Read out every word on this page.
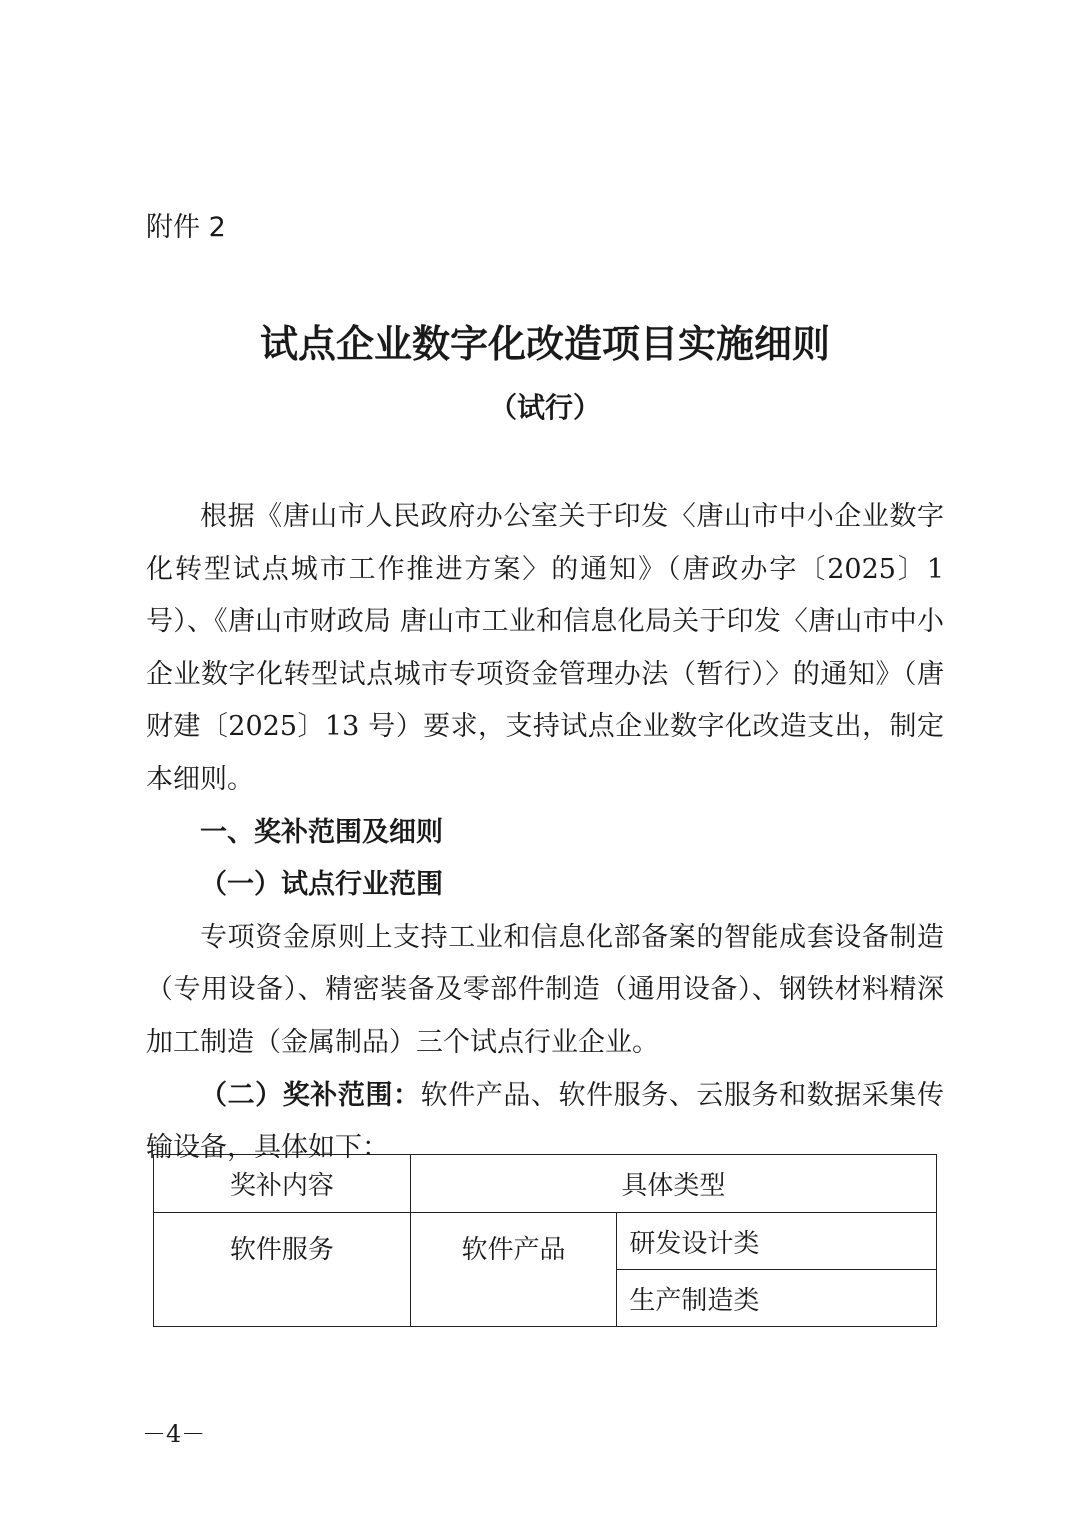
附件 2

试点企业数字化改造项目实施细则
（试行）

根据《唐山市人民政府办公室关于印发〈唐山市中小企业数字化转型试点城市工作推进方案〉的通知》（唐政办字〔2025〕1 号）、《唐山市财政局 唐山市工业和信息化局关于印发〈唐山市中小企业数字化转型试点城市专项资金管理办法（暂行）〉的通知》（唐财建〔2025〕13 号）要求，支持试点企业数字化改造支出，制定本细则。

一、奖补范围及细则

（一）试点行业范围

专项资金原则上支持工业和信息化部备案的智能成套设备制造（专用设备）、精密装备及零部件制造（通用设备）、钢铁材料精深加工制造（金属制品）三个试点行业企业。

（二）奖补范围：软件产品、软件服务、云服务和数据采集传输设备，具体如下：

奖补内容	具体类型	
软件服务	软件产品	研发设计类
		生产制造类

－4－
